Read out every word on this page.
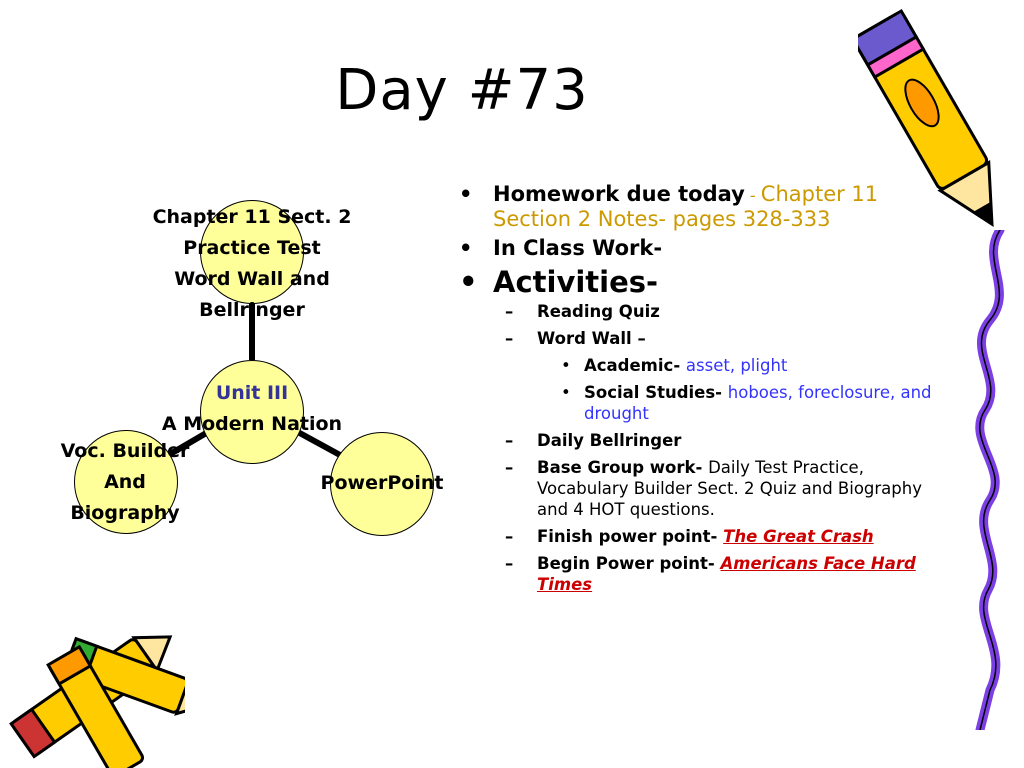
Day #73
Chapter 11 Sect. 2
Practice Test
Word Wall and
Bellringer
Unit III
A Modern Nation
Voc. Builder
And
Biography
PowerPoint
• Homework due today - Chapter 11 Section 2 Notes- pages 328-333
• In Class Work-
• Activities-
– Reading Quiz
– Word Wall –
• Academic- asset, plight
• Social Studies- hoboes, foreclosure, and drought
– Daily Bellringer
– Base Group work- Daily Test Practice, Vocabulary Builder Sect. 2 Quiz and Biography and 4 HOT questions.
– Finish power point- The Great Crash
– Begin Power point- Americans Face Hard Times
